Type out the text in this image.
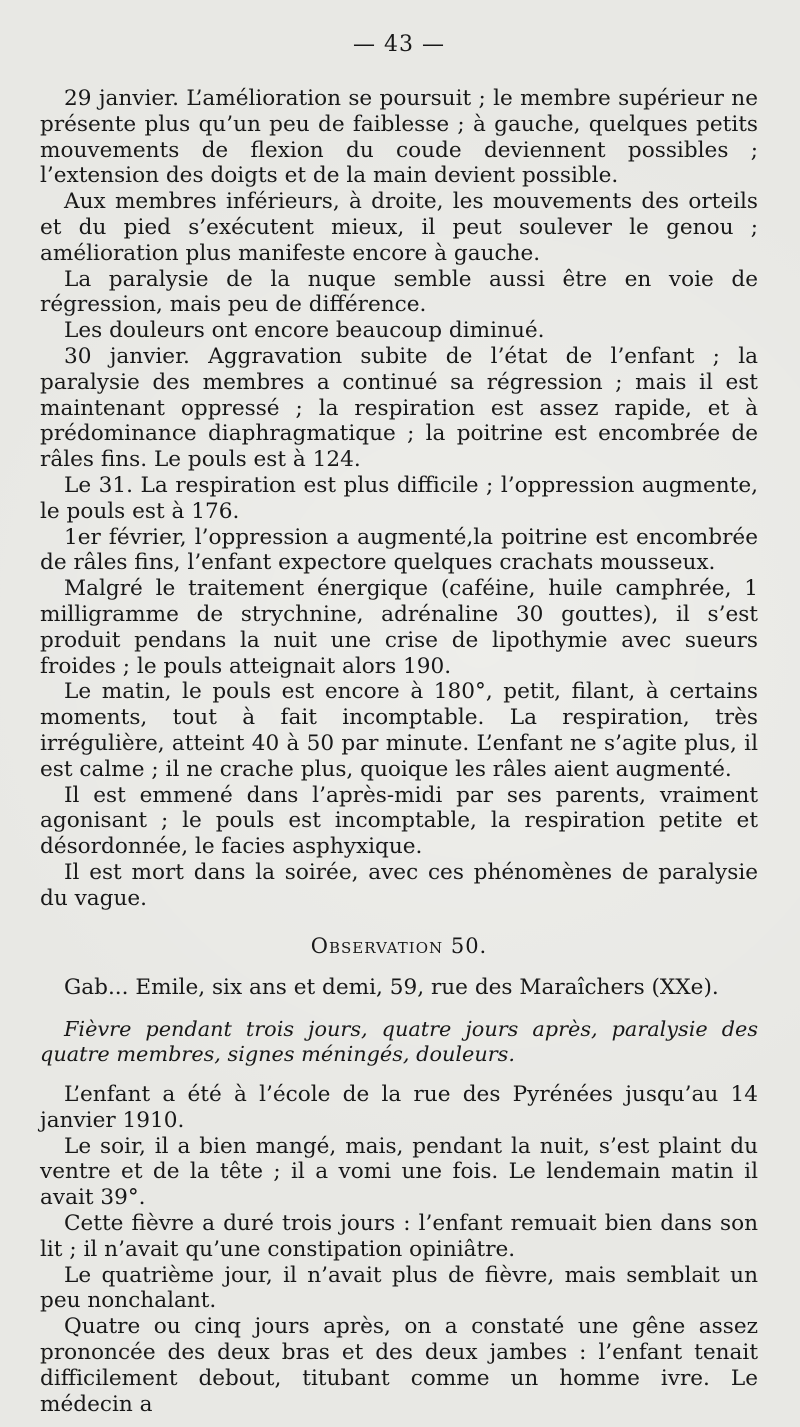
— 43 —

29 janvier. L’amélioration se poursuit ; le membre supérieur ne présente plus qu’un peu de faiblesse ; à gauche, quelques petits mouvements de flexion du coude deviennent possibles ; l’extension des doigts et de la main devient possible.

Aux membres inférieurs, à droite, les mouvements des orteils et du pied s’exécutent mieux, il peut soulever le genou ; amélioration plus manifeste encore à gauche.

La paralysie de la nuque semble aussi être en voie de régression, mais peu de différence.

Les douleurs ont encore beaucoup diminué.

30 janvier. Aggravation subite de l’état de l’enfant ; la paralysie des membres a continué sa régression ; mais il est maintenant oppressé ; la respiration est assez rapide, et à prédominance diaphragmatique ; la poitrine est encombrée de râles fins. Le pouls est à 124.

Le 31. La respiration est plus difficile ; l’oppression augmente, le pouls est à 176.

1er février, l’oppression a augmenté,la poitrine est encombrée de râles fins, l’enfant expectore quelques crachats mousseux.

Malgré le traitement énergique (caféine, huile camphrée, 1 milligramme de strychnine, adrénaline 30 gouttes), il s’est produit pendans la nuit une crise de lipothymie avec sueurs froides ; le pouls atteignait alors 190.

Le matin, le pouls est encore à 180°, petit, filant, à certains moments, tout à fait incomptable. La respiration, très irrégulière, atteint 40 à 50 par minute. L’enfant ne s’agite plus, il est calme ; il ne crache plus, quoique les râles aient augmenté.

Il est emmené dans l’après-midi par ses parents, vraiment agonisant ; le pouls est incomptable, la respiration petite et désordonnée, le facies asphyxique.

Il est mort dans la soirée, avec ces phénomènes de paralysie du vague.

Observation 50.

Gab... Emile, six ans et demi, 59, rue des Maraîchers (XXe).

Fièvre pendant trois jours, quatre jours après, paralysie des quatre membres, signes méningés, douleurs.

L’enfant a été à l’école de la rue des Pyrénées jusqu’au 14 janvier 1910.

Le soir, il a bien mangé, mais, pendant la nuit, s’est plaint du ventre et de la tête ; il a vomi une fois. Le lendemain matin il avait 39°.

Cette fièvre a duré trois jours : l’enfant remuait bien dans son lit ; il n’avait qu’une constipation opiniâtre.

Le quatrième jour, il n’avait plus de fièvre, mais semblait un peu nonchalant.

Quatre ou cinq jours après, on a constaté une gêne assez prononcée des deux bras et des deux jambes : l’enfant tenait difficilement debout, titubant comme un homme ivre. Le médecin a
